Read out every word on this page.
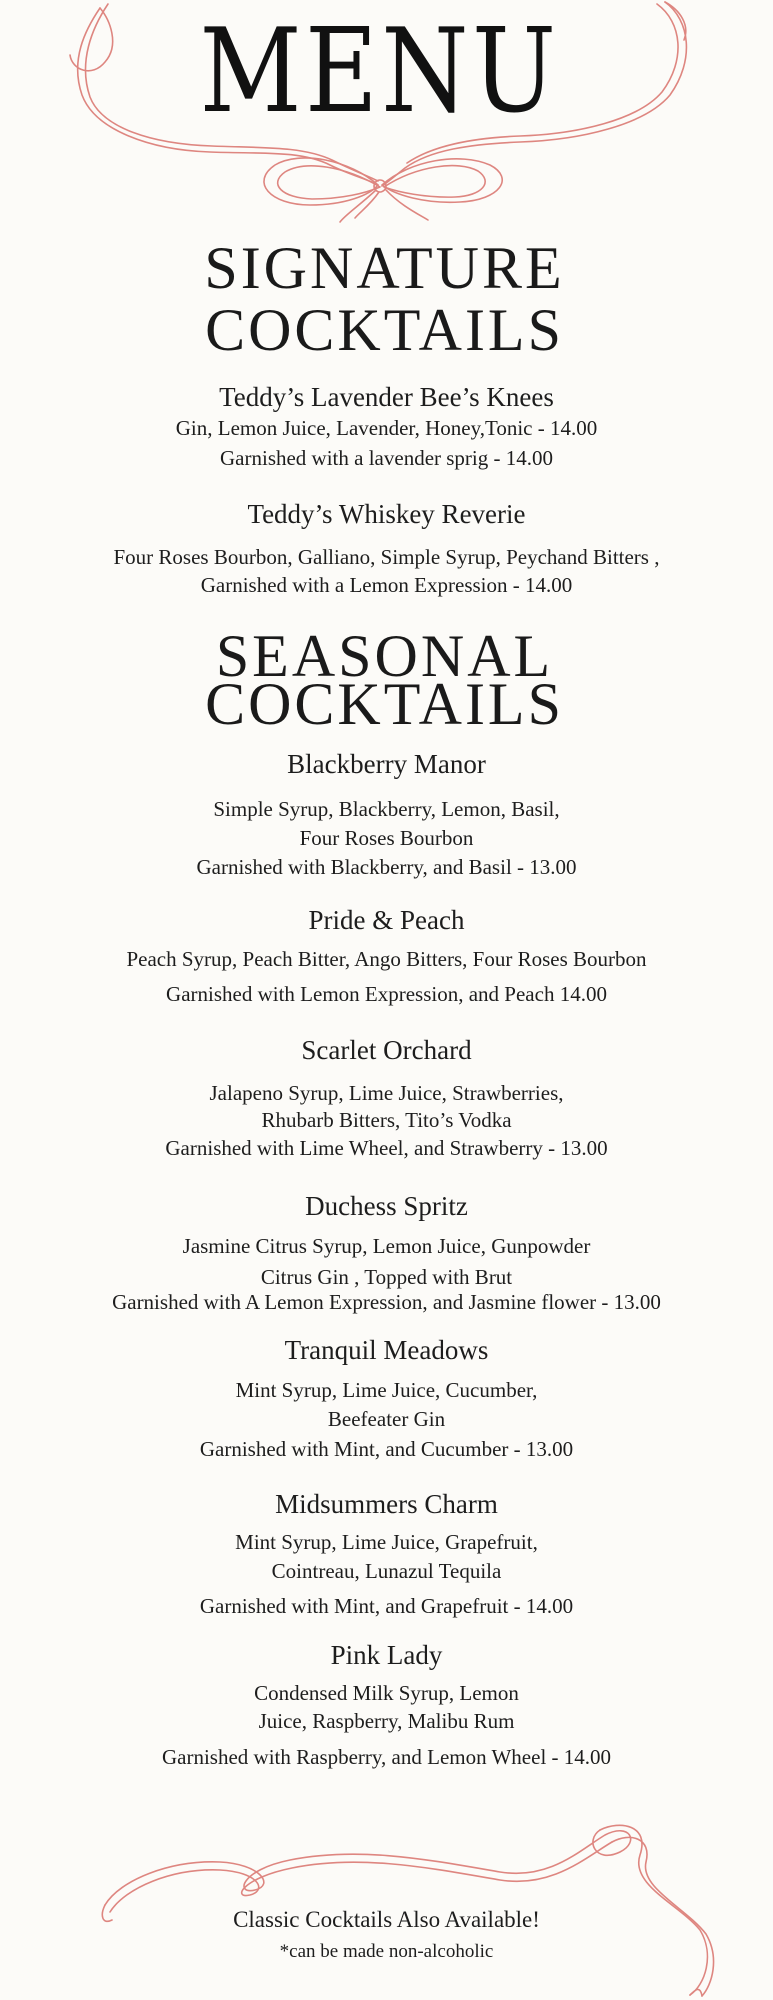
MENU
SIGNATURE
COCKTAILS
Teddy’s Lavender Bee’s Knees
Gin, Lemon Juice, Lavender, Honey,Tonic - 14.00
Garnished with a lavender sprig - 14.00
Teddy’s Whiskey Reverie
Four Roses Bourbon, Galliano, Simple Syrup, Peychand Bitters ,
Garnished with a Lemon Expression - 14.00
SEASONAL
COCKTAILS
Blackberry Manor
Simple Syrup, Blackberry, Lemon, Basil,
Four Roses Bourbon
Garnished with Blackberry, and Basil - 13.00
Pride & Peach
Peach Syrup, Peach Bitter, Ango Bitters, Four Roses Bourbon
Garnished with Lemon Expression, and Peach 14.00
Scarlet Orchard
Jalapeno Syrup, Lime Juice, Strawberries,
Rhubarb Bitters, Tito’s Vodka
Garnished with Lime Wheel, and Strawberry - 13.00
Duchess Spritz
Jasmine Citrus Syrup, Lemon Juice, Gunpowder
Citrus Gin , Topped with Brut
Garnished with A Lemon Expression, and Jasmine flower - 13.00
Tranquil Meadows
Mint Syrup, Lime Juice, Cucumber,
Beefeater Gin
Garnished with Mint, and Cucumber - 13.00
Midsummers Charm
Mint Syrup, Lime Juice, Grapefruit,
Cointreau, Lunazul Tequila
Garnished with Mint, and Grapefruit - 14.00
Pink Lady
Condensed Milk Syrup, Lemon
Juice, Raspberry, Malibu Rum
Garnished with Raspberry, and Lemon Wheel - 14.00
Classic Cocktails Also Available!
*can be made non-alcoholic
